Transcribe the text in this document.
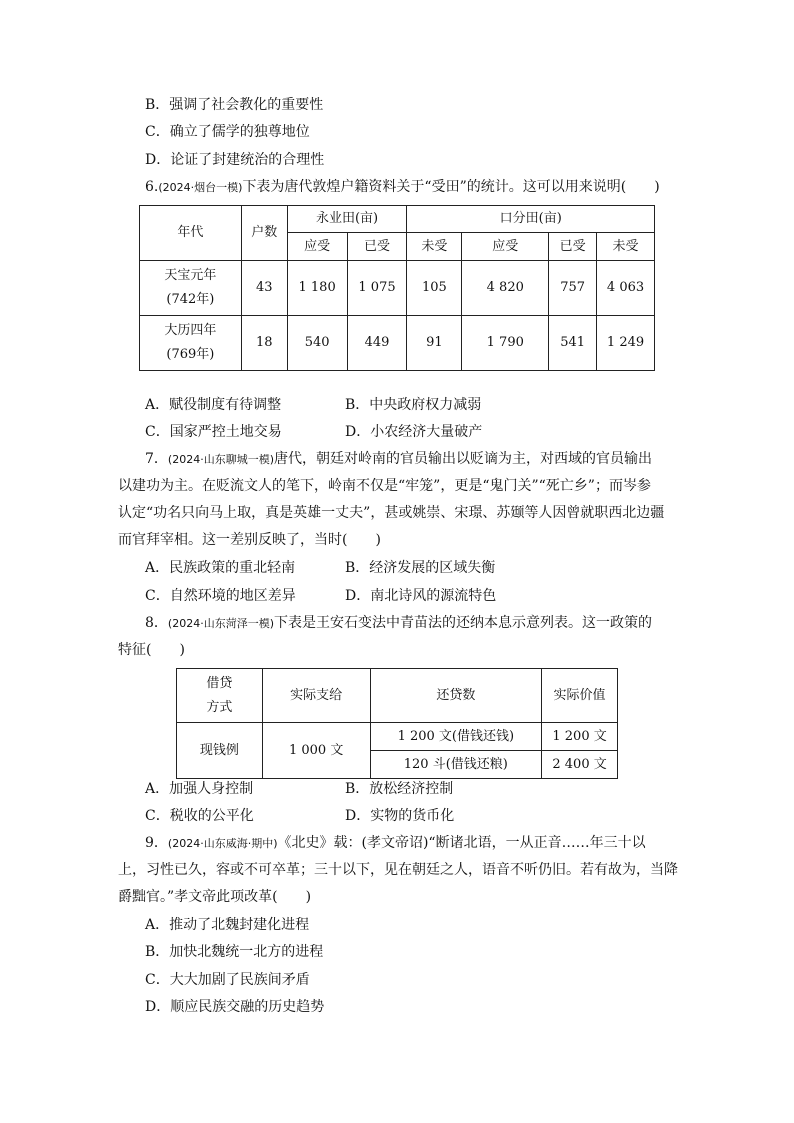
B．强调了社会教化的重要性
C．确立了儒学的独尊地位
D．论证了封建统治的合理性
6.(2024·烟台一模)下表为唐代敦煌户籍资料关于“受田”的统计。这可以用来说明(　　)
年代	户数	永业田(亩)		口分田(亩)			
		应受	已受	未受	应受	已受	未受

天宝元年
(742年)	43	1 180	1 075	105	4 820	757	4 063

大历四年
(769年)	18	540	449	91	1 790	541	1 249
A．赋役制度有待调整	B．中央政府权力减弱
C．国家严控土地交易	D．小农经济大量破产
7．(2024·山东聊城一模)唐代，朝廷对岭南的官员输出以贬谪为主，对西域的官员输出
以建功为主。在贬流文人的笔下，岭南不仅是“牢笼”，更是“鬼门关”“死亡乡”；而岑参
认定“功名只向马上取，真是英雄一丈夫”，甚或姚崇、宋璟、苏颋等人因曾就职西北边疆
而官拜宰相。这一差别反映了，当时(　　)
A．民族政策的重北轻南	B．经济发展的区域失衡
C．自然环境的地区差异	D．南北诗风的源流特色
8．(2024·山东菏泽一模)下表是王安石变法中青苗法的还纳本息示意列表。这一政策的
特征(　　)
借贷
方式	实际支给	还贷数	实际价值
现钱例	1 000 文	1 200 文(借钱还钱)	1 200 文
		120 斗(借钱还粮)	2 400 文
A．加强人身控制	B．放松经济控制
C．税收的公平化	D．实物的货币化
9．(2024·山东威海·期中)《北史》载：(孝文帝诏)“断诸北语，一从正音……年三十以
上，习性已久，容或不可卒革；三十以下，见在朝廷之人，语音不听仍旧。若有故为，当降
爵黜官。”孝文帝此项改革(　　)
A．推动了北魏封建化进程
B．加快北魏统一北方的进程
C．大大加剧了民族间矛盾
D．顺应民族交融的历史趋势
